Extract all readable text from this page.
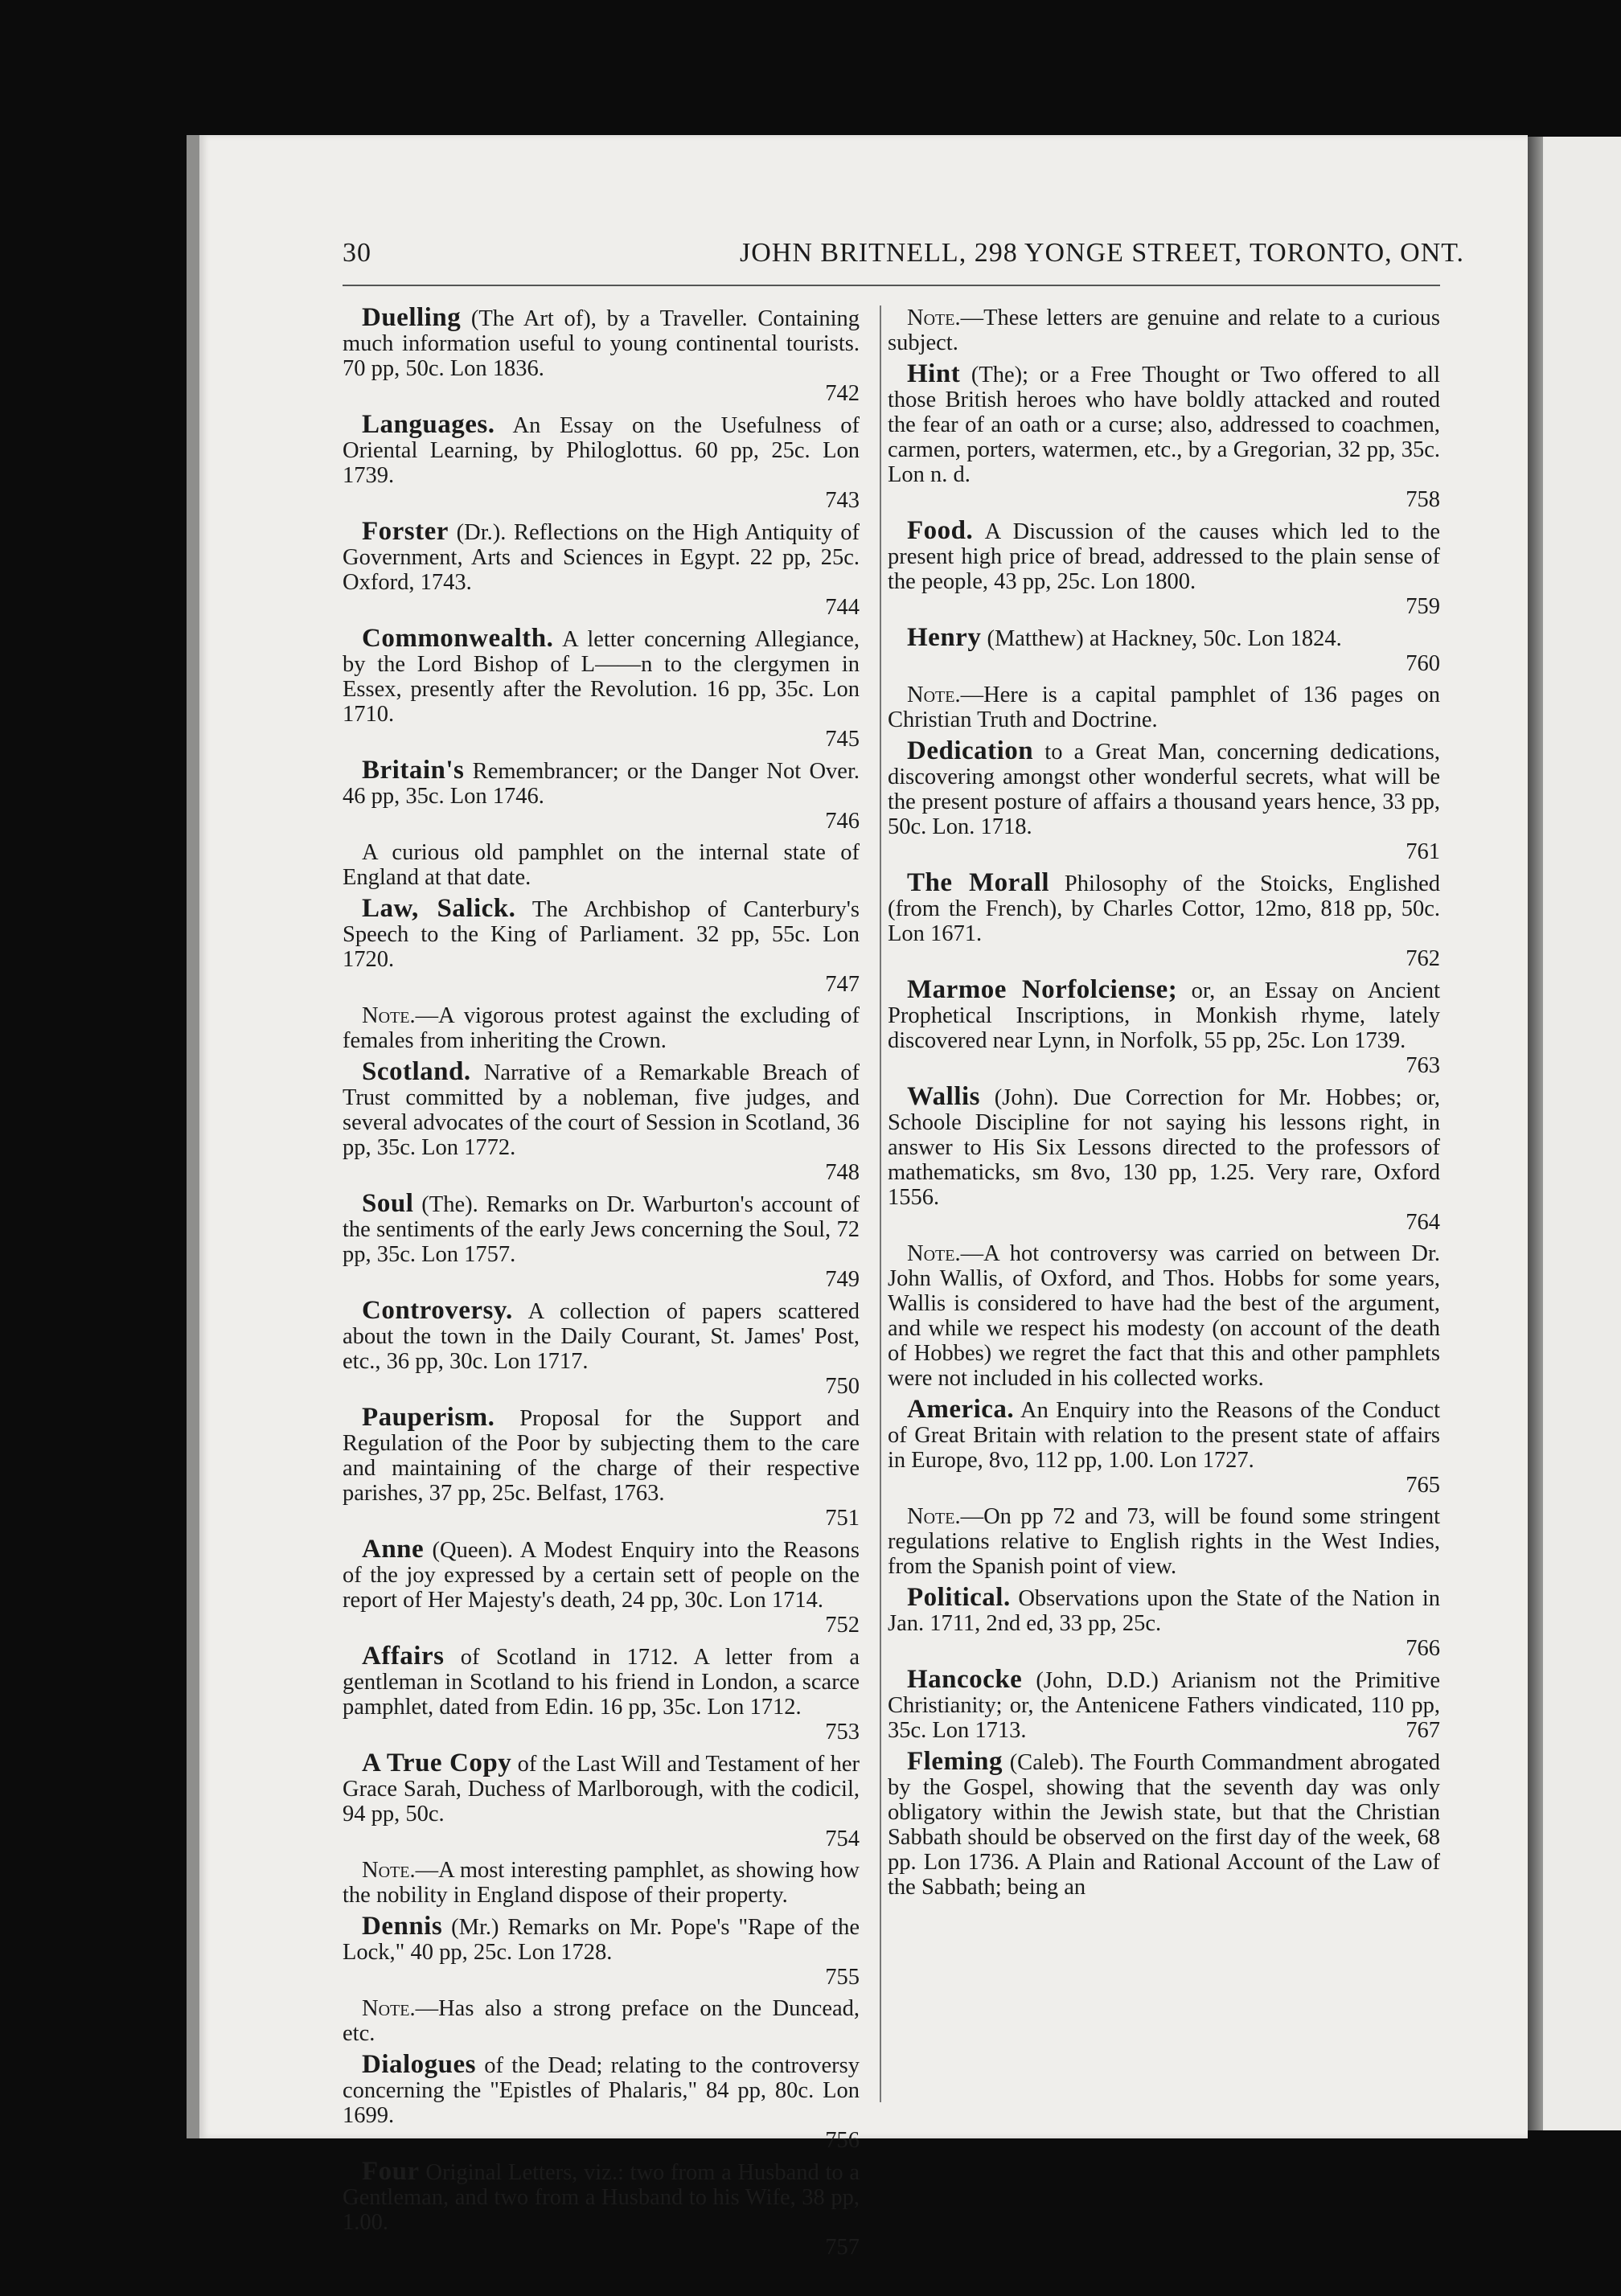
30	JOHN BRITNELL, 298 YONGE STREET, TORONTO, ONT.

Duelling (The Art of), by a Traveller. Containing much information useful to young continental tourists. 70 pp, 50c. Lon 1836.
742

Languages. An Essay on the Usefulness of Oriental Learning, by Philoglottus. 60 pp, 25c. Lon 1739.
743

Forster (Dr.). Reflections on the High Antiquity of Government, Arts and Sciences in Egypt. 22 pp, 25c. Oxford, 1743.
744

Commonwealth. A letter concerning Allegiance, by the Lord Bishop of L——n to the clergymen in Essex, presently after the Revolution. 16 pp, 35c. Lon 1710.
745

Britain's Remembrancer; or the Danger Not Over. 46 pp, 35c. Lon 1746.
746

A curious old pamphlet on the internal state of England at that date.

Law, Salick. The Archbishop of Canterbury's Speech to the King of Parliament. 32 pp, 55c. Lon 1720.
747

Note.—A vigorous protest against the excluding of females from inheriting the Crown.

Scotland. Narrative of a Remarkable Breach of Trust committed by a nobleman, five judges, and several advocates of the court of Session in Scotland, 36 pp, 35c. Lon 1772.
748

Soul (The). Remarks on Dr. Warburton's account of the sentiments of the early Jews concerning the Soul, 72 pp, 35c. Lon 1757.
749

Controversy. A collection of papers scattered about the town in the Daily Courant, St. James' Post, etc., 36 pp, 30c. Lon 1717.
750

Pauperism. Proposal for the Support and Regulation of the Poor by subjecting them to the care and maintaining of the charge of their respective parishes, 37 pp, 25c. Belfast, 1763.
751

Anne (Queen). A Modest Enquiry into the Reasons of the joy expressed by a certain sett of people on the report of Her Majesty's death, 24 pp, 30c. Lon 1714.
752

Affairs of Scotland in 1712. A letter from a gentleman in Scotland to his friend in London, a scarce pamphlet, dated from Edin. 16 pp, 35c. Lon 1712.
753

A True Copy of the Last Will and Testament of her Grace Sarah, Duchess of Marlborough, with the codicil, 94 pp, 50c.
754

Note.—A most interesting pamphlet, as showing how the nobility in England dispose of their property.

Dennis (Mr.) Remarks on Mr. Pope's "Rape of the Lock," 40 pp, 25c. Lon 1728.
755

Note.—Has also a strong preface on the Duncead, etc.

Dialogues of the Dead; relating to the controversy concerning the "Epistles of Phalaris," 84 pp, 80c. Lon 1699.
756

Four Original Letters, viz.: two from a Husband to a Gentleman, and two from a Husband to his Wife, 38 pp, 1.00.
757

Note.—These letters are genuine and relate to a curious subject.

Hint (The); or a Free Thought or Two offered to all those British heroes who have boldly attacked and routed the fear of an oath or a curse; also, addressed to coachmen, carmen, porters, watermen, etc., by a Gregorian, 32 pp, 35c. Lon n. d.
758

Food. A Discussion of the causes which led to the present high price of bread, addressed to the plain sense of the people, 43 pp, 25c. Lon 1800.
759

Henry (Matthew) at Hackney, 50c. Lon 1824.
760

Note.—Here is a capital pamphlet of 136 pages on Christian Truth and Doctrine.

Dedication to a Great Man, concerning dedications, discovering amongst other wonderful secrets, what will be the present posture of affairs a thousand years hence, 33 pp, 50c. Lon. 1718.
761

The Morall Philosophy of the Stoicks, Englished (from the French), by Charles Cottor, 12mo, 818 pp, 50c. Lon 1671.
762

Marmoe Norfolciense; or, an Essay on Ancient Prophetical Inscriptions, in Monkish rhyme, lately discovered near Lynn, in Norfolk, 55 pp, 25c. Lon 1739.
763

Wallis (John). Due Correction for Mr. Hobbes; or, Schoole Discipline for not saying his lessons right, in answer to His Six Lessons directed to the professors of mathematicks, sm 8vo, 130 pp, 1.25. Very rare, Oxford 1556.
764

Note.—A hot controversy was carried on between Dr. John Wallis, of Oxford, and Thos. Hobbs for some years, Wallis is considered to have had the best of the argument, and while we respect his modesty (on account of the death of Hobbes) we regret the fact that this and other pamphlets were not included in his collected works.

America. An Enquiry into the Reasons of the Conduct of Great Britain with relation to the present state of affairs in Europe, 8vo, 112 pp, 1.00. Lon 1727.
765

Note.—On pp 72 and 73, will be found some stringent regulations relative to English rights in the West Indies, from the Spanish point of view.

Political. Observations upon the State of the Nation in Jan. 1711, 2nd ed, 33 pp, 25c.
766

Hancocke (John, D.D.) Arianism not the Primitive Christianity; or, the Antenicene Fathers vindicated, 110 pp, 35c. Lon 1713.	767

Fleming (Caleb). The Fourth Commandment abrogated by the Gospel, showing that the seventh day was only obligatory within the Jewish state, but that the Christian Sabbath should be observed on the first day of the week, 68 pp. Lon 1736. A Plain and Rational Account of the Law of the Sabbath; being an
